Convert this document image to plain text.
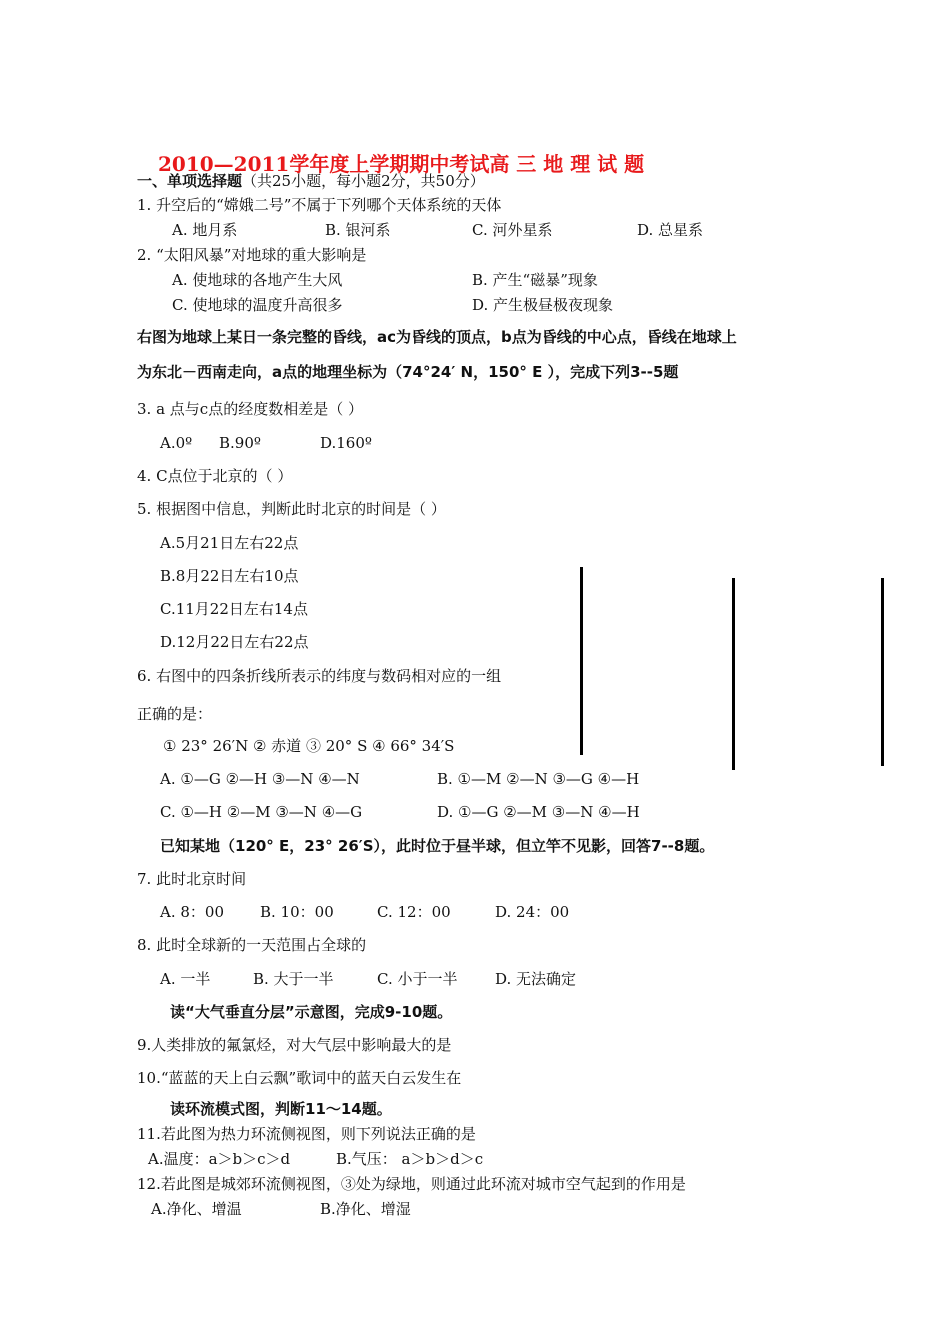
2010—2011学年度上学期期中考试高 三 地 理 试 题
一、单项选择题（共25小题，每小题2分，共50分）
1. 升空后的“嫦娥二号”不属于下列哪个天体系统的天体
A. 地月系	B. 银河系	C. 河外星系	D. 总星系
2. “太阳风暴”对地球的重大影响是
A. 使地球的各地产生大风	B. 产生“磁暴”现象
C. 使地球的温度升高很多	D. 产生极昼极夜现象
右图为地球上某日一条完整的昏线，ac为昏线的顶点，b点为昏线的中心点，昏线在地球上
为东北－西南走向，a点的地理坐标为（74°24′ N，150° E ），完成下列3--5题
3. a 点与c点的经度数相差是（ ）
A.0º B.90º	D.160º
4. C点位于北京的（ ）
5. 根据图中信息，判断此时北京的时间是（ ）
A.5月21日左右22点
B.8月22日左右10点
C.11月22日左右14点
D.12月22日左右22点
6. 右图中的四条折线所表示的纬度与数码相对应的一组
正确的是：
① 23° 26′N ② 赤道 ③ 20° S ④ 66° 34′S
A. ①—G ②—H ③—N ④—N	B. ①—M ②—N ③—G ④—H
C. ①—H ②—M ③—N ④—G	D. ①—G ②—M ③—N ④—H
已知某地（120° E，23° 26′S），此时位于昼半球，但立竿不见影，回答7--8题。
7. 此时北京时间
A. 8：00 B. 10：00	C. 12：00	D. 24：00
8. 此时全球新的一天范围占全球的
A. 一半	B. 大于一半	C. 小于一半	D. 无法确定
读“大气垂直分层”示意图，完成9-10题。
9.人类排放的氟氯烃，对大气层中影响最大的是
10.“蓝蓝的天上白云飘”歌词中的蓝天白云发生在
读环流模式图，判断11～14题。
11.若此图为热力环流侧视图，则下列说法正确的是
A.温度：a＞b＞c＞d	B.气压： a＞b＞d＞c
12.若此图是城郊环流侧视图，③处为绿地，则通过此环流对城市空气起到的作用是
A.净化、增温	B.净化、增湿
